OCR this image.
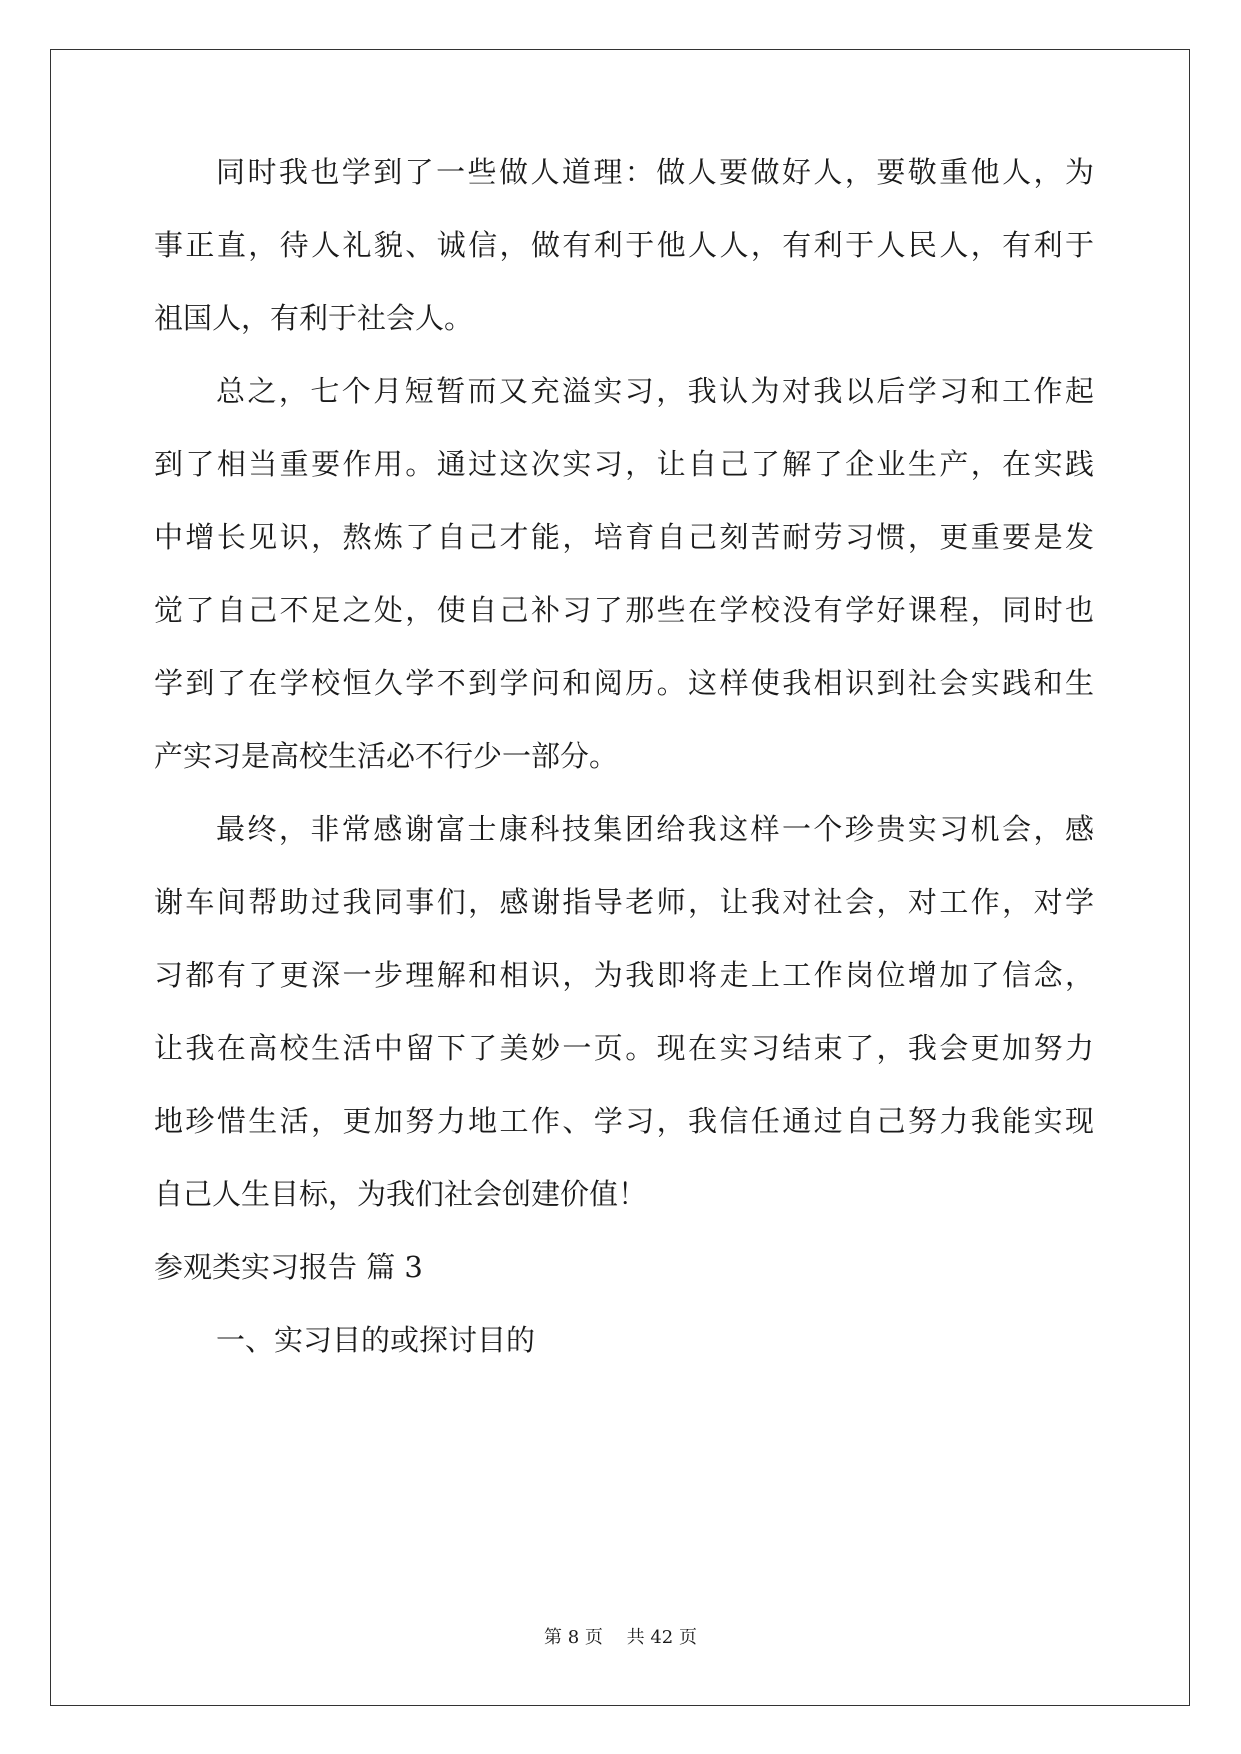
同时我也学到了一些做人道理：做人要做好人，要敬重他人，为
事正直，待人礼貌、诚信，做有利于他人人，有利于人民人，有利于
祖国人，有利于社会人。
总之，七个月短暂而又充溢实习，我认为对我以后学习和工作起
到了相当重要作用。通过这次实习，让自己了解了企业生产，在实践
中增长见识，熬炼了自己才能，培育自己刻苦耐劳习惯，更重要是发
觉了自己不足之处，使自己补习了那些在学校没有学好课程，同时也
学到了在学校恒久学不到学问和阅历。这样使我相识到社会实践和生
产实习是高校生活必不行少一部分。
最终，非常感谢富士康科技集团给我这样一个珍贵实习机会，感
谢车间帮助过我同事们，感谢指导老师，让我对社会，对工作，对学
习都有了更深一步理解和相识，为我即将走上工作岗位增加了信念，
让我在高校生活中留下了美妙一页。现在实习结束了，我会更加努力
地珍惜生活，更加努力地工作、学习，我信任通过自己努力我能实现
自己人生目标，为我们社会创建价值！
参观类实习报告 篇 3
一、实习目的或探讨目的
第 8 页　 共 42 页
